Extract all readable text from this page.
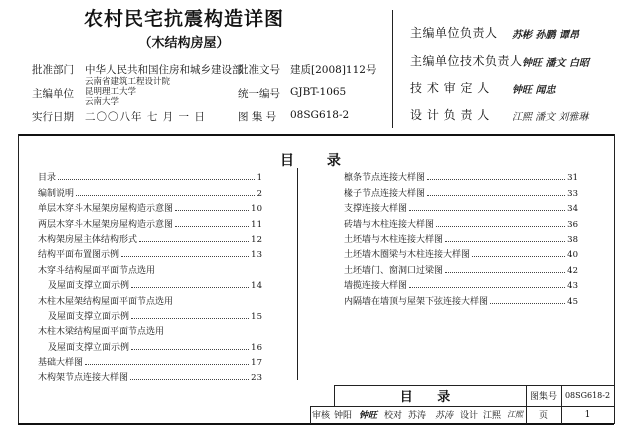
农村民宅抗震构造详图
（木结构房屋）
批准部门 中华人民共和国住房和城乡建设部
批准文号 建质[2008]112号
主编单位
云南省建筑工程设计院
昆明理工大学
云南大学
统一编号 GJBT-1065
实行日期 二〇〇八年 七 月 一 日	图 集 号 08SG618-2
主编单位负责人 苏彬 孙鹏 谭昂
主编单位技术负责人 钟旺 潘文 白昭
技 术 审 定 人 钟旺 闻忠
设 计 负 责 人 江熙 潘文 刘雅琳
目 录
目录	1
编制说明	2
单层木穿斗木屋架房屋构造示意图	10
两层木穿斗木屋架房屋构造示意图	11
木构架房屋主体结构形式	12
结构平面布置图示例	13
木穿斗结构屋面平面节点选用
及屋面支撑立面示例	14
木柱木屋架结构屋面平面节点选用
及屋面支撑立面示例	15
木柱木梁结构屋面平面节点选用
及屋面支撑立面示例	16
基础大样图	17
木构架节点连接大样图	23
檩条节点连接大样图	31
椽子节点连接大样图	33
支撑连接大样图	34
砖墙与木柱连接大样图	36
土坯墙与木柱连接大样图	38
土坯墙木圈梁与木柱连接大样图	40
土坯墙门、窗洞口过梁图	42
墙揽连接大样图	43
内隔墙在墙顶与屋架下弦连接大样图	45
目 录	图集号 08SG618-2
审核 钟阳 钟旺 校对 苏涛 苏涛 设计 江熙 江熙	页	1
